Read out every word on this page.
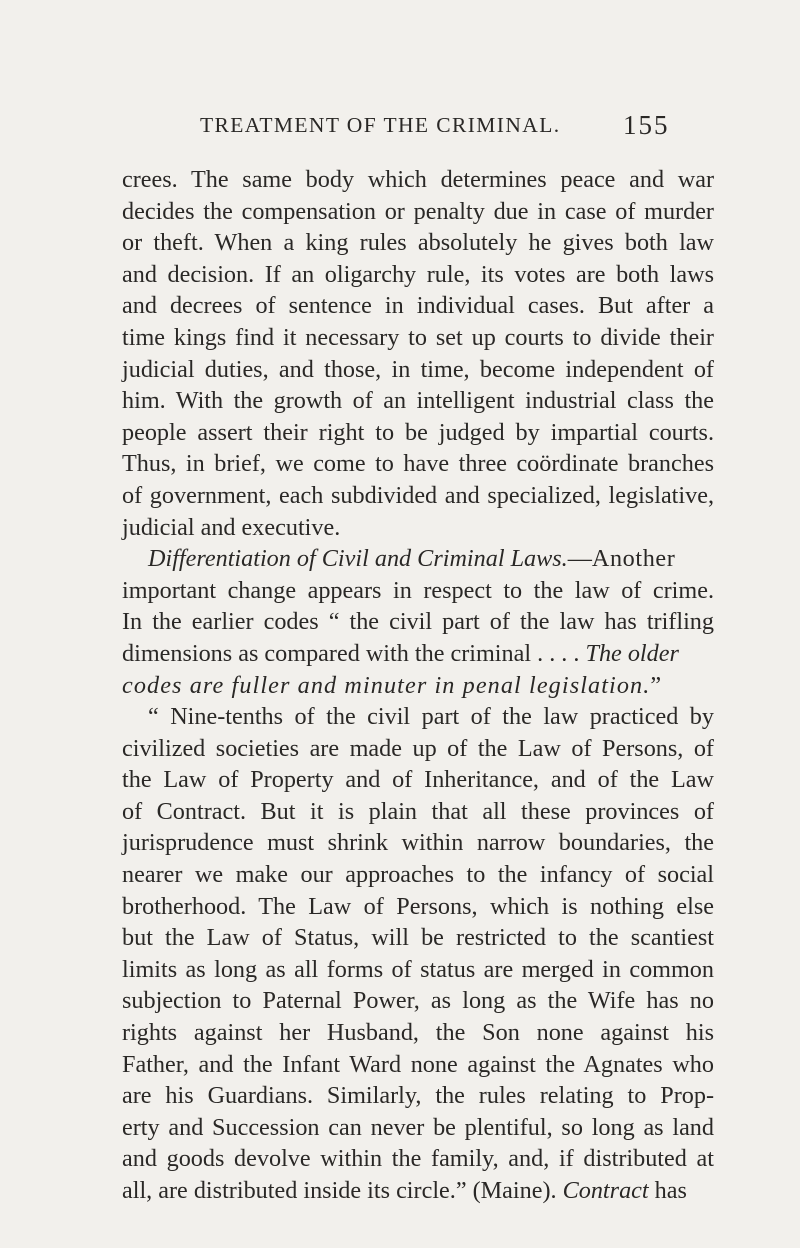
TREATMENT OF THE CRIMINAL. 155
crees. The same body which determines peace and war
decides the compensation or penalty due in case of murder
or theft. When a king rules absolutely he gives both law
and decision. If an oligarchy rule, its votes are both laws
and decrees of sentence in individual cases. But after a
time kings find it necessary to set up courts to divide their
judicial duties, and those, in time, become independent of
him. With the growth of an intelligent industrial class the
people assert their right to be judged by impartial courts.
Thus, in brief, we come to have three coördinate branches
of government, each subdivided and specialized, legislative,
judicial and executive.
Differentiation of Civil and Criminal Laws.—Another
important change appears in respect to the law of crime.
In the earlier codes “ the civil part of the law has trifling
dimensions as compared with the criminal . . . . The older
codes are fuller and minuter in penal legislation.”
“ Nine-tenths of the civil part of the law practiced by
civilized societies are made up of the Law of Persons, of
the Law of Property and of Inheritance, and of the Law
of Contract. But it is plain that all these provinces of
jurisprudence must shrink within narrow boundaries, the
nearer we make our approaches to the infancy of social
brotherhood. The Law of Persons, which is nothing else
but the Law of Status, will be restricted to the scantiest
limits as long as all forms of status are merged in common
subjection to Paternal Power, as long as the Wife has no
rights against her Husband, the Son none against his
Father, and the Infant Ward none against the Agnates who
are his Guardians. Similarly, the rules relating to Prop-
erty and Succession can never be plentiful, so long as land
and goods devolve within the family, and, if distributed at
all, are distributed inside its circle.” (Maine). Contract has
